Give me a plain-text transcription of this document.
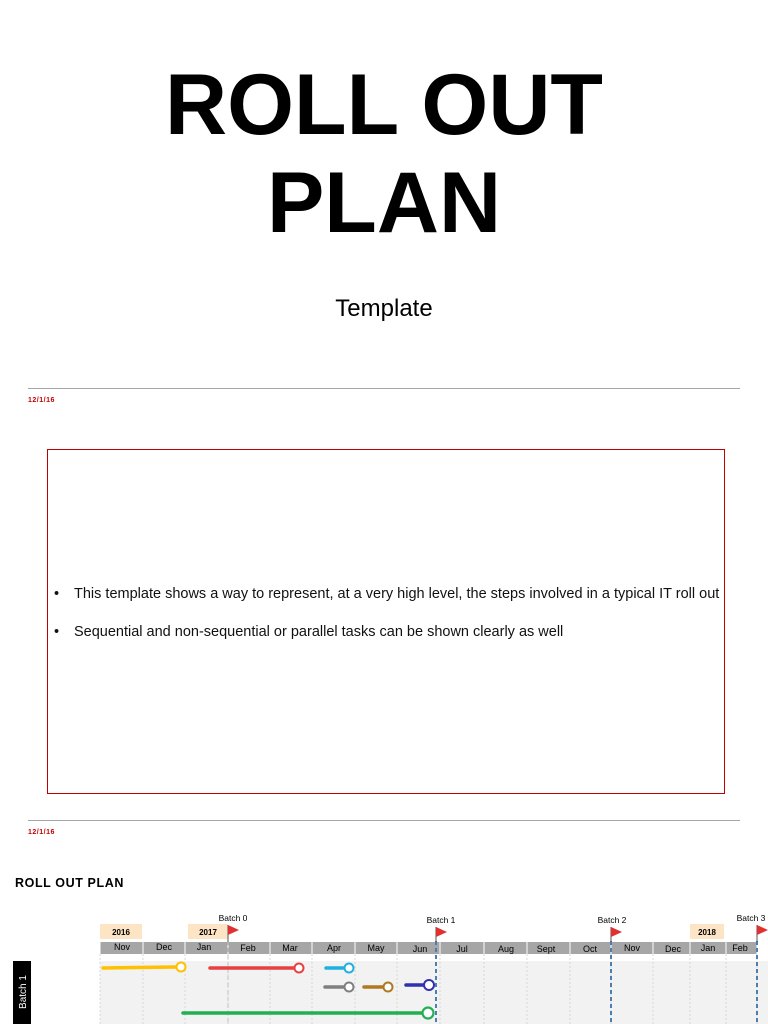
ROLL OUT
PLAN

Template

12/1/16
• This template shows a way to represent, at a very high level, the steps involved in a typical IT roll out
• Sequential and non-sequential or parallel tasks can be shown clearly as well
12/1/16
ROLL OUT PLAN
2016	2017	2018
Nov	Dec	Jan	Feb	Mar	Apr	May	Jun	Jul	Aug	Sept	Oct	Nov	Dec Jan Feb
Batch 0	Batch 1	Batch 2	Batch 3
Batch 1
